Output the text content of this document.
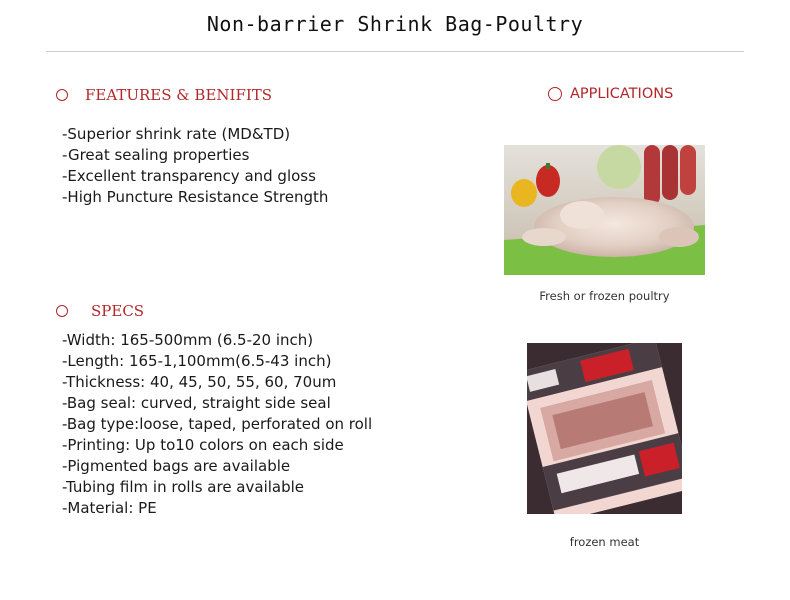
Non-barrier Shrink Bag-Poultry
FEATURES & BENIFITS
-Superior shrink rate (MD&TD)
-Great sealing properties
-Excellent transparency and gloss
-High Puncture Resistance Strength
APPLICATIONS
Fresh or frozen poultry
SPECS
-Width: 165-500mm (6.5-20 inch)
-Length: 165-1,100mm(6.5-43 inch)
-Thickness: 40, 45, 50, 55, 60, 70um
-Bag seal: curved, straight side seal
-Bag type:loose, taped, perforated on roll
-Printing: Up to10 colors on each side
-Pigmented bags are available
-Tubing film in rolls are available
-Material: PE
frozen meat
